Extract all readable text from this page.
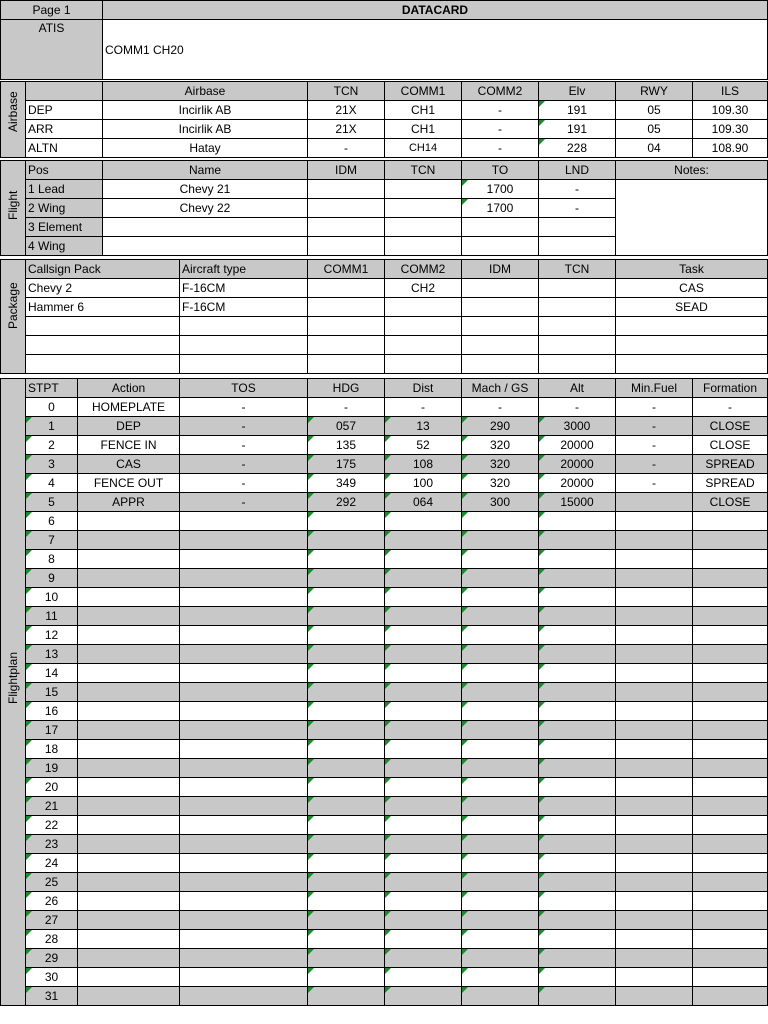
Page 1	DATACARD
ATIS	COMM1 CH20
Airbase		Airbase	TCN	COMM1	COMM2	Elv	RWY	ILS
	DEP	Incirlik AB	21X	CH1	-	191	05	109.30
	ARR	Incirlik AB	21X	CH1	-	191	05	109.30
	ALTN	Hatay	-	CH14	-	228	04	108.90
Flight	Pos	Name	IDM	TCN	TO	LND	Notes:
	1 Lead	Chevy 21			1700	-	
	2 Wing	Chevy 22			1700	-	
	3 Element						
	4 Wing						
Package	Callsign Pack	Aircraft type	COMM1	COMM2	IDM	TCN	Task
	Chevy 2	F-16CM		CH2			CAS
	Hammer 6	F-16CM					SEAD

Flightplan	STPT	Action	TOS	HDG	Dist	Mach / GS	Alt	Min.Fuel	Formation
	0	HOMEPLATE	-	-	-	-	-	-	-
	1	DEP	-	057	13	290	3000	-	CLOSE
	2	FENCE IN	-	135	52	320	20000	-	CLOSE
	3	CAS	-	175	108	320	20000	-	SPREAD
	4	FENCE OUT	-	349	100	320	20000	-	SPREAD
	5	APPR	-	292	064	300	15000		CLOSE
	6								
	7								
	8								
	9								
	10								
	11								
	12								
	13								
	14								
	15								
	16								
	17								
	18								
	19								
	20								
	21								
	22								
	23								
	24								
	25								
	26								
	27								
	28								
	29								
	30								
	31								
